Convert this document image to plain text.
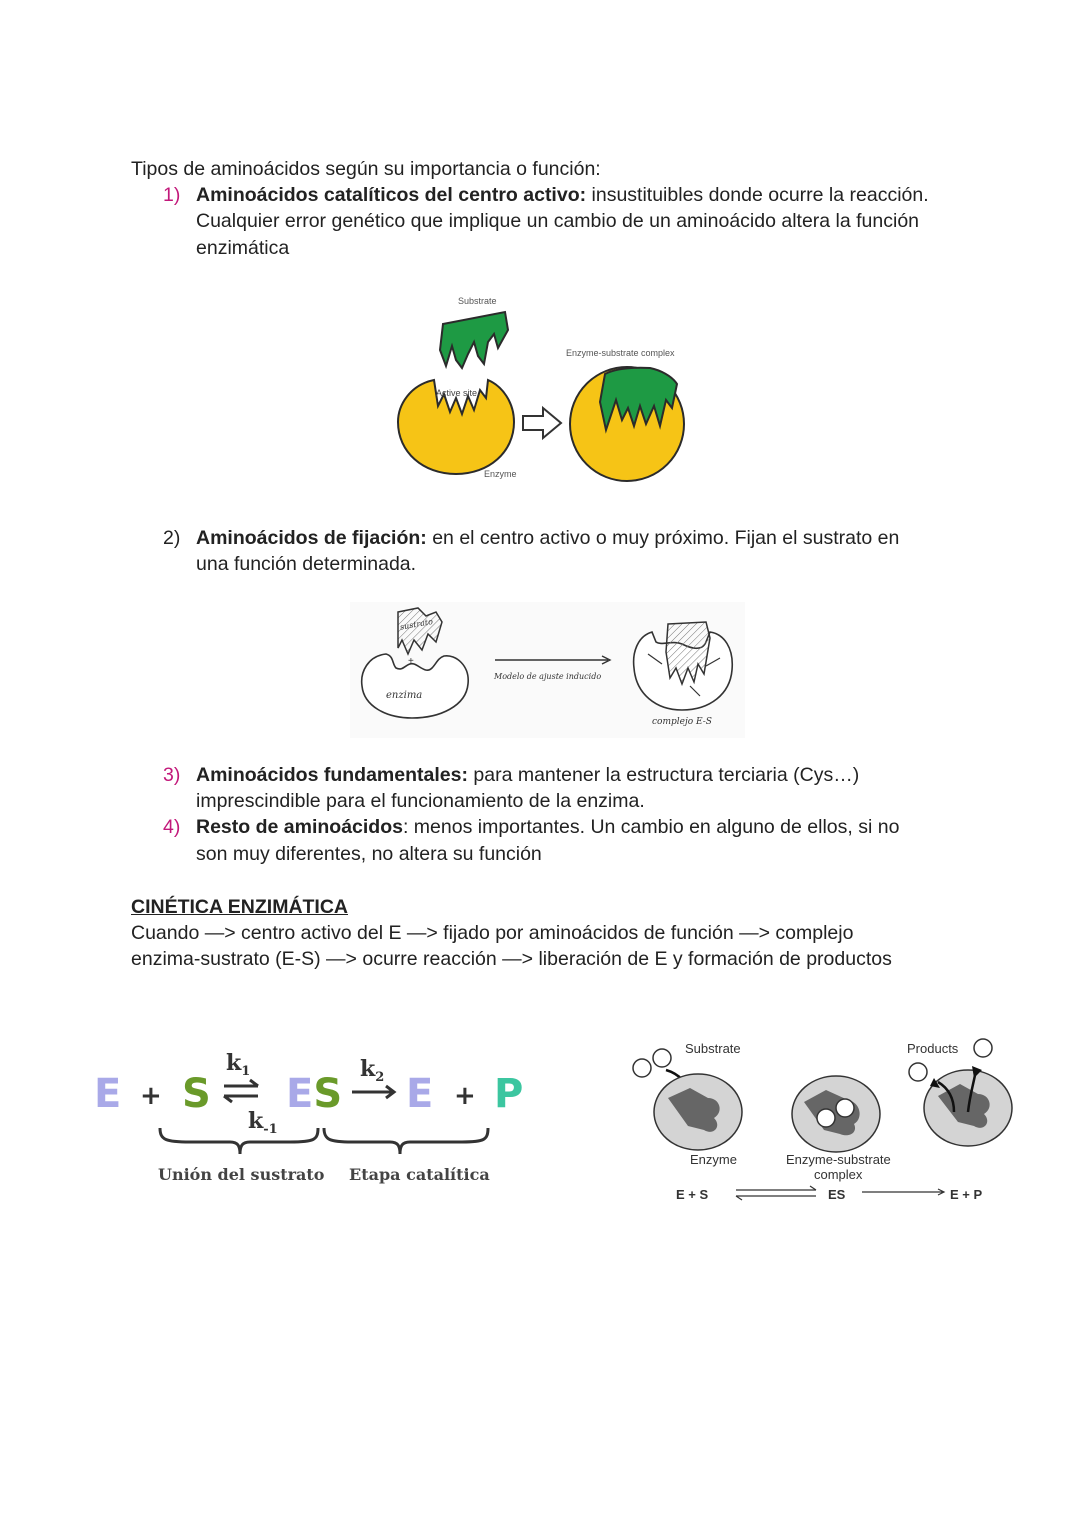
Tipos de aminoácidos según su importancia o función:
1) Aminoácidos catalíticos del centro activo: insustituibles donde ocurre la reacción.
Cualquier error genético que implique un cambio de un aminoácido altera la función
enzimática
Substrate
Active site
Enzyme
Enzyme-substrate complex
2) Aminoácidos de fijación: en el centro activo o muy próximo. Fijan el sustrato en
una función determinada.
sustrato
+
enzima
Modelo de ajuste inducido
complejo E-S
3) Aminoácidos fundamentales: para mantener la estructura terciaria (Cys…)
imprescindible para el funcionamiento de la enzima.
4) Resto de aminoácidos: menos importantes. Un cambio en alguno de ellos, si no
son muy diferentes, no altera su función
CINÉTICA ENZIMÁTICA
Cuando —> centro activo del E —> fijado por aminoácidos de función —> complejo
enzima-sustrato (E-S) —> ocurre reacción —> liberación de E y formación de productos
E + S
$k_1$
$k_{-1}$
ES
$k_2$ E + P
Unión del sustrato Etapa catalítica
Substrate
Enzyme	Enzyme-substrate
complex
Products
E + S	ES	E + P
